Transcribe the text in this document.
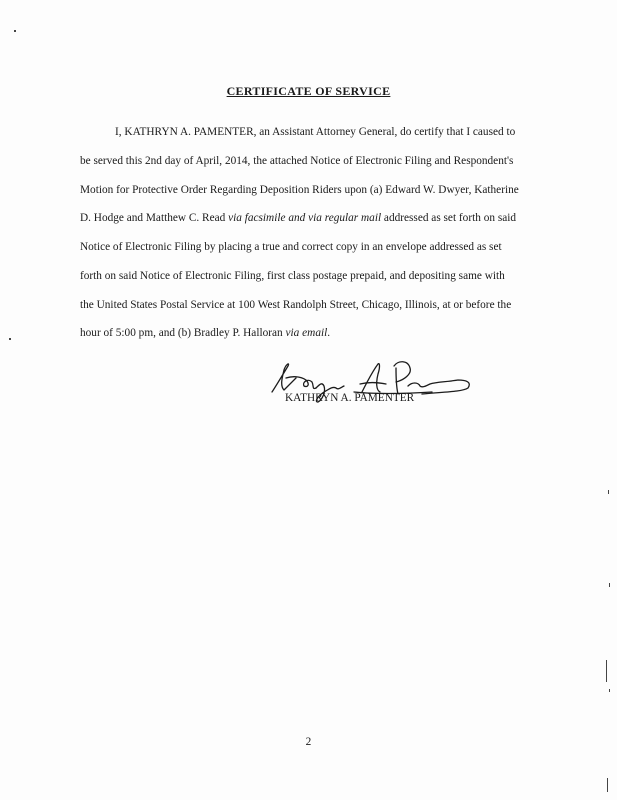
CERTIFICATE OF SERVICE
I, KATHRYN A. PAMENTER, an Assistant Attorney General, do certify that I caused to
be served this 2nd day of April, 2014, the attached Notice of Electronic Filing and Respondent's
Motion for Protective Order Regarding Deposition Riders upon (a) Edward W. Dwyer, Katherine
D. Hodge and Matthew C. Read via facsimile and via regular mail addressed as set forth on said
Notice of Electronic Filing by placing a true and correct copy in an envelope addressed as set
forth on said Notice of Electronic Filing, first class postage prepaid, and depositing same with
the United States Postal Service at 100 West Randolph Street, Chicago, Illinois, at or before the
hour of 5:00 pm, and (b) Bradley P. Halloran via email.
KATHRYN A. PAMENTER
2
